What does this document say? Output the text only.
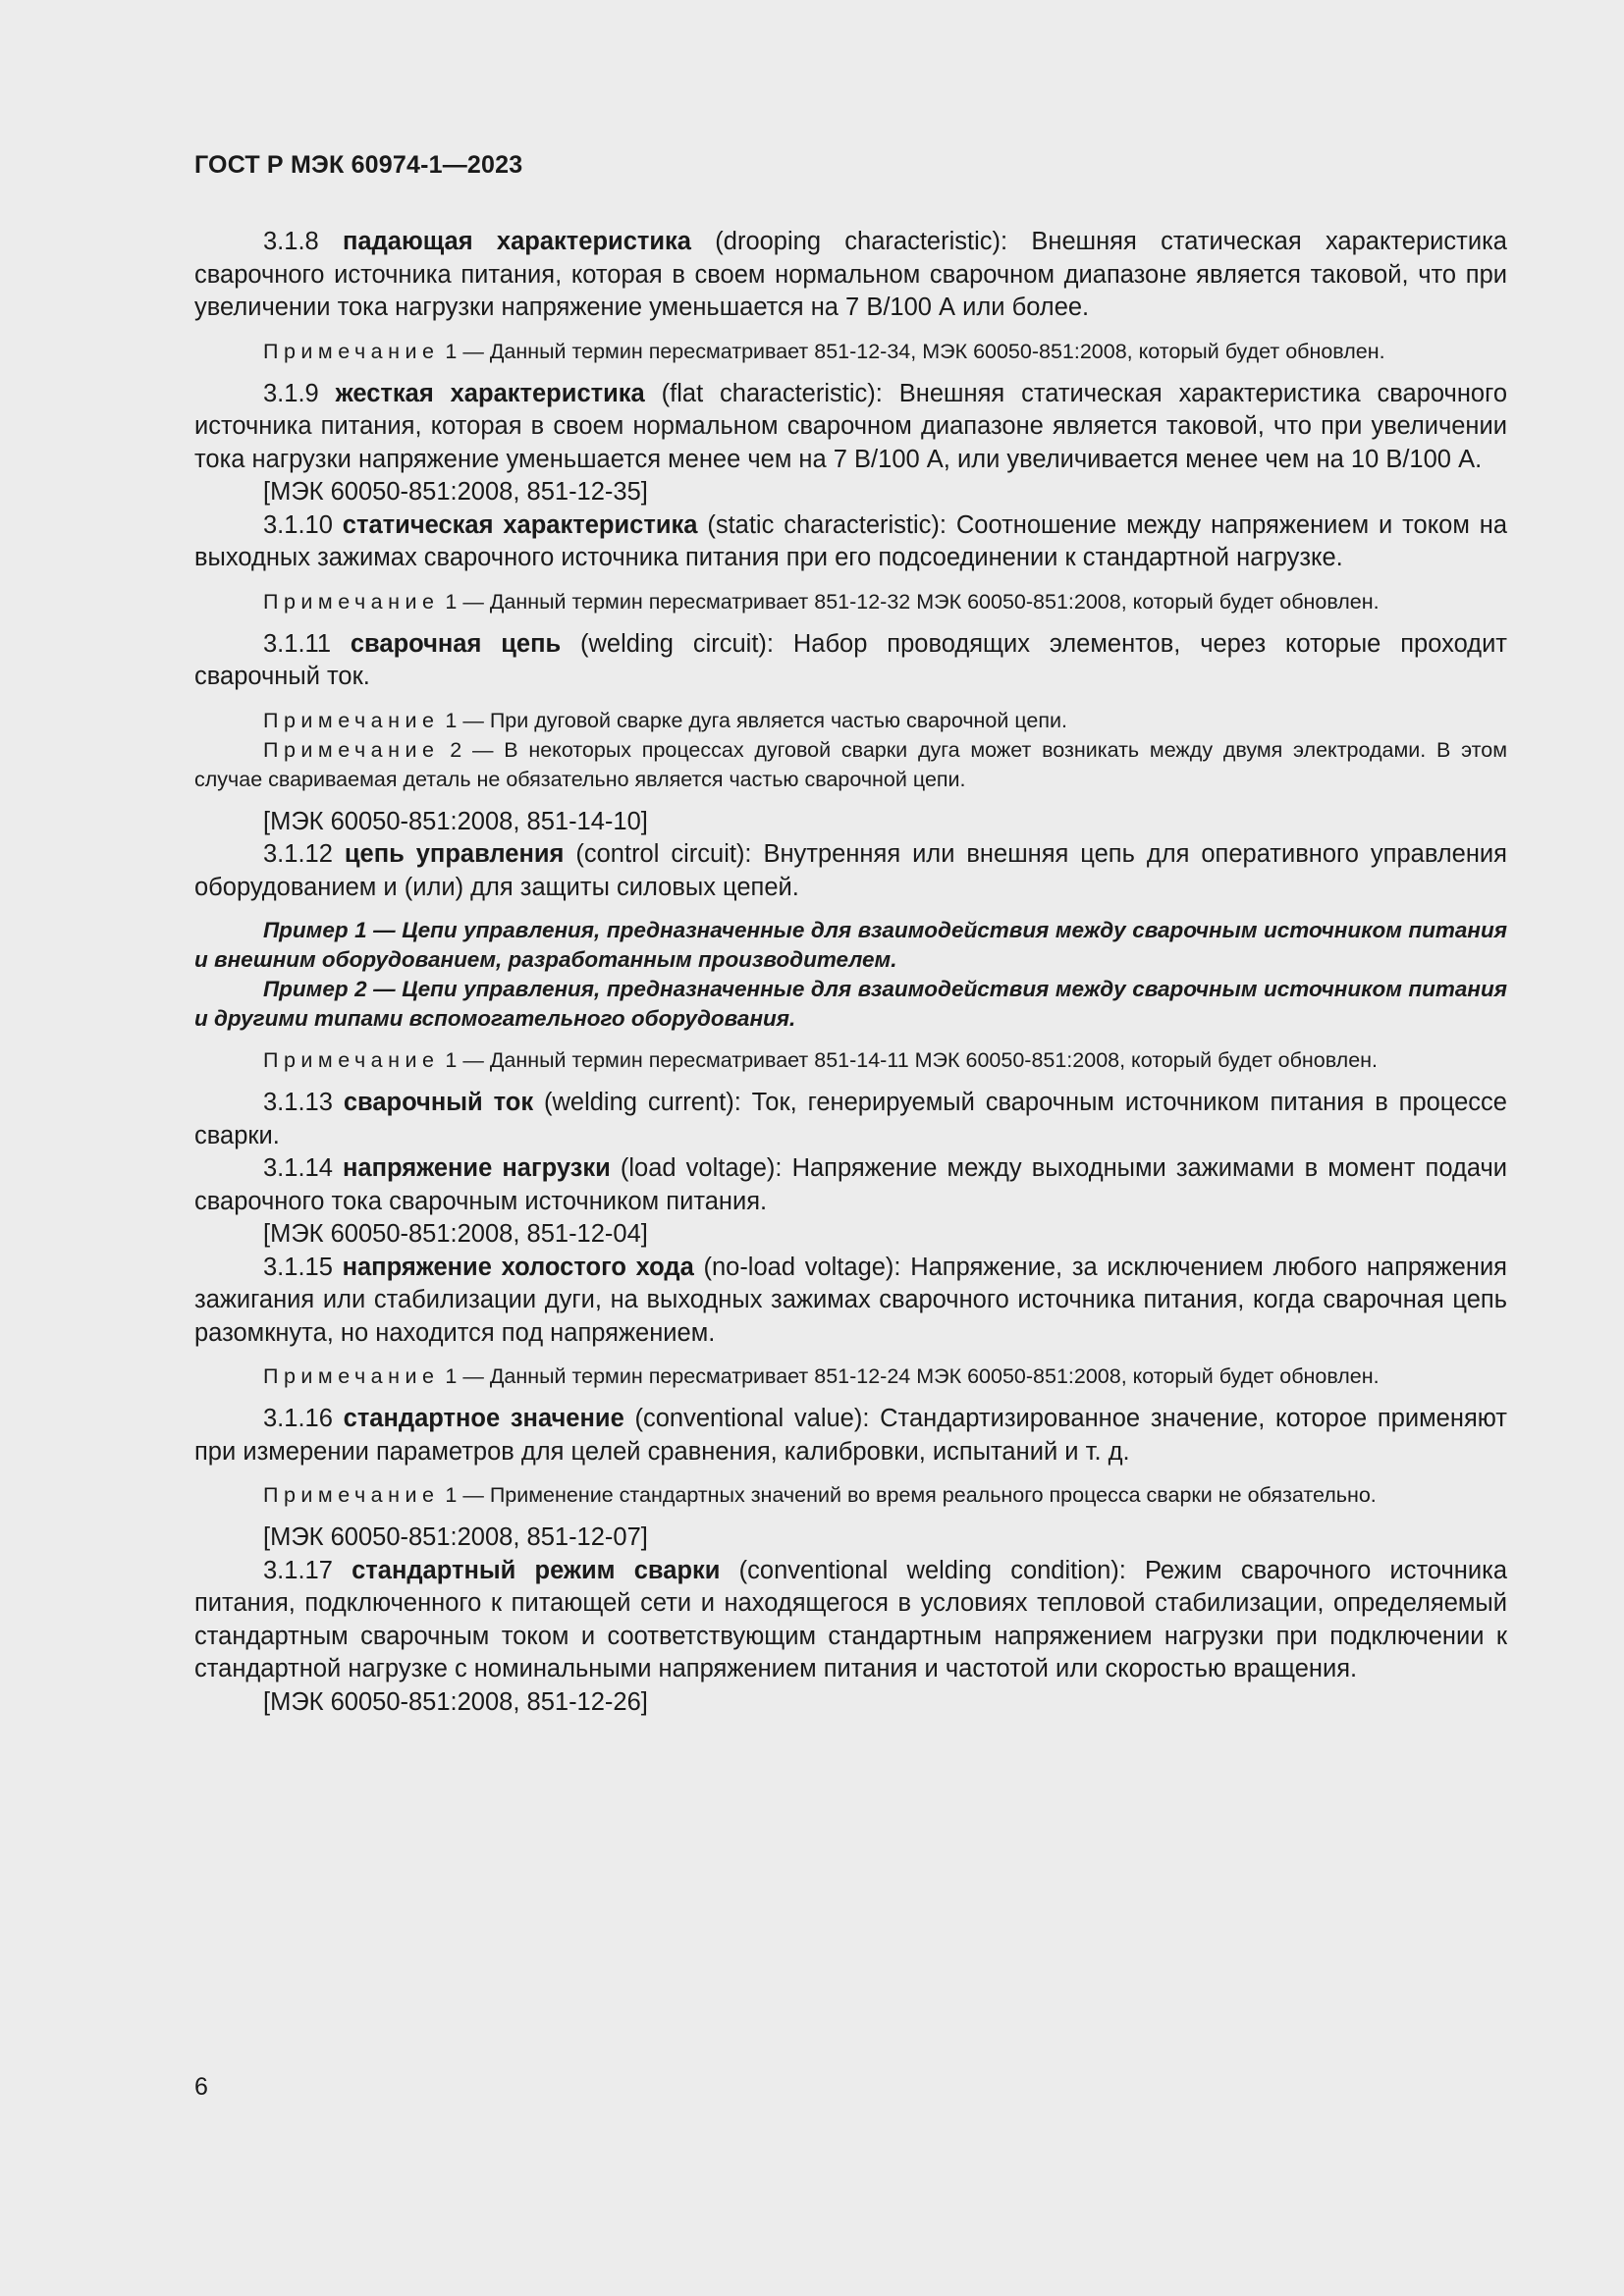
ГОСТ Р МЭК 60974-1—2023

3.1.8 падающая характеристика (drooping characteristic): Внешняя статическая характеристика сварочного источника питания, которая в своем нормальном сварочном диапазоне является таковой, что при увеличении тока нагрузки напряжение уменьшается на 7 В/100 А или более.

Примечание 1 — Данный термин пересматривает 851-12-34, МЭК 60050-851:2008, который будет обновлен.

3.1.9 жесткая характеристика (flat characteristic): Внешняя статическая характеристика сварочного источника питания, которая в своем нормальном сварочном диапазоне является таковой, что при увеличении тока нагрузки напряжение уменьшается менее чем на 7 В/100 А, или увеличивается менее чем на 10 В/100 А.

[МЭК 60050-851:2008, 851-12-35]

3.1.10 статическая характеристика (static characteristic): Соотношение между напряжением и током на выходных зажимах сварочного источника питания при его подсоединении к стандартной нагрузке.

Примечание 1 — Данный термин пересматривает 851-12-32 МЭК 60050-851:2008, который будет обновлен.

3.1.11 сварочная цепь (welding circuit): Набор проводящих элементов, через которые проходит сварочный ток.

Примечание 1 — При дуговой сварке дуга является частью сварочной цепи.

Примечание 2 — В некоторых процессах дуговой сварки дуга может возникать между двумя электродами. В этом случае свариваемая деталь не обязательно является частью сварочной цепи.

[МЭК 60050-851:2008, 851-14-10]

3.1.12 цепь управления (control circuit): Внутренняя или внешняя цепь для оперативного управления оборудованием и (или) для защиты силовых цепей.

Пример 1 — Цепи управления, предназначенные для взаимодействия между сварочным источником питания и внешним оборудованием, разработанным производителем.

Пример 2 — Цепи управления, предназначенные для взаимодействия между сварочным источником питания и другими типами вспомогательного оборудования.

Примечание 1 — Данный термин пересматривает 851-14-11 МЭК 60050-851:2008, который будет обновлен.

3.1.13 сварочный ток (welding current): Ток, генерируемый сварочным источником питания в процессе сварки.

3.1.14 напряжение нагрузки (load voltage): Напряжение между выходными зажимами в момент подачи сварочного тока сварочным источником питания.

[МЭК 60050-851:2008, 851-12-04]

3.1.15 напряжение холостого хода (no-load voltage): Напряжение, за исключением любого напряжения зажигания или стабилизации дуги, на выходных зажимах сварочного источника питания, когда сварочная цепь разомкнута, но находится под напряжением.

Примечание 1 — Данный термин пересматривает 851-12-24 МЭК 60050-851:2008, который будет обновлен.

3.1.16 стандартное значение (conventional value): Стандартизированное значение, которое применяют при измерении параметров для целей сравнения, калибровки, испытаний и т. д.

Примечание 1 — Применение стандартных значений во время реального процесса сварки не обязательно.

[МЭК 60050-851:2008, 851-12-07]

3.1.17 стандартный режим сварки (conventional welding condition): Режим сварочного источника питания, подключенного к питающей сети и находящегося в условиях тепловой стабилизации, определяемый стандартным сварочным током и соответствующим стандартным напряжением нагрузки при подключении к стандартной нагрузке с номинальными напряжением питания и частотой или скоростью вращения.

[МЭК 60050-851:2008, 851-12-26]

6
